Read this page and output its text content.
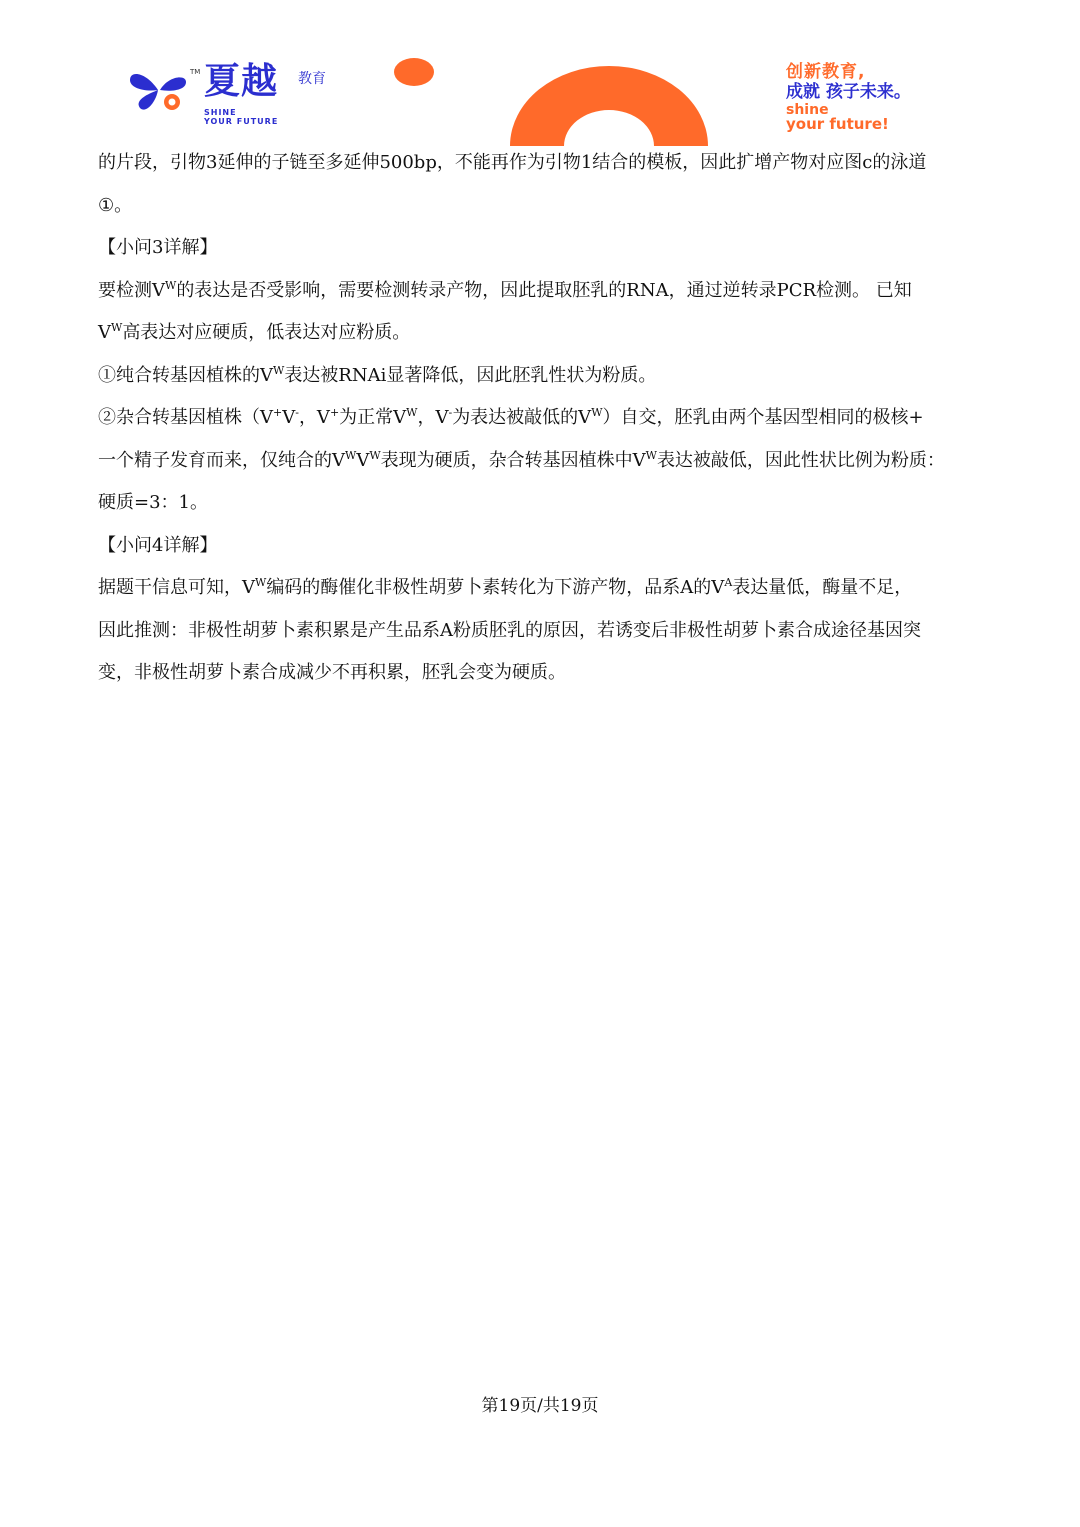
TM 夏越 教育
SHINE
YOUR FUTURE
创新教育,
成就 孩子未来。
shine
your future!
的片段，引物3延伸的子链至多延伸500bp，不能再作为引物1结合的模板，因此扩增产物对应图c的泳道
①。
【小问3详解】
要检测$V^W$的表达是否受影响，需要检测转录产物，因此提取胚乳的RNA，通过逆转录PCR检测。 已知
$V^W$高表达对应硬质，低表达对应粉质。
①纯合转基因植株的$V^W$表达被RNAi显著降低，因此胚乳性状为粉质。
②杂合转基因植株（V+V-，V+为正常$V^W$，V-为表达被敲低的$V^W$）自交，胚乳由两个基因型相同的极核+
一个精子发育而来，仅纯合的$V^WV^W$表现为硬质，杂合转基因植株中$V^W$表达被敲低，因此性状比例为粉质：
硬质=3：1。
【小问4详解】
据题干信息可知，$V^W$编码的酶催化非极性胡萝卜素转化为下游产物，品系A的$V^A$表达量低，酶量不足，
因此推测：非极性胡萝卜素积累是产生品系A粉质胚乳的原因，若诱变后非极性胡萝卜素合成途径基因突
变，非极性胡萝卜素合成减少不再积累，胚乳会变为硬质。
第19页/共19页
